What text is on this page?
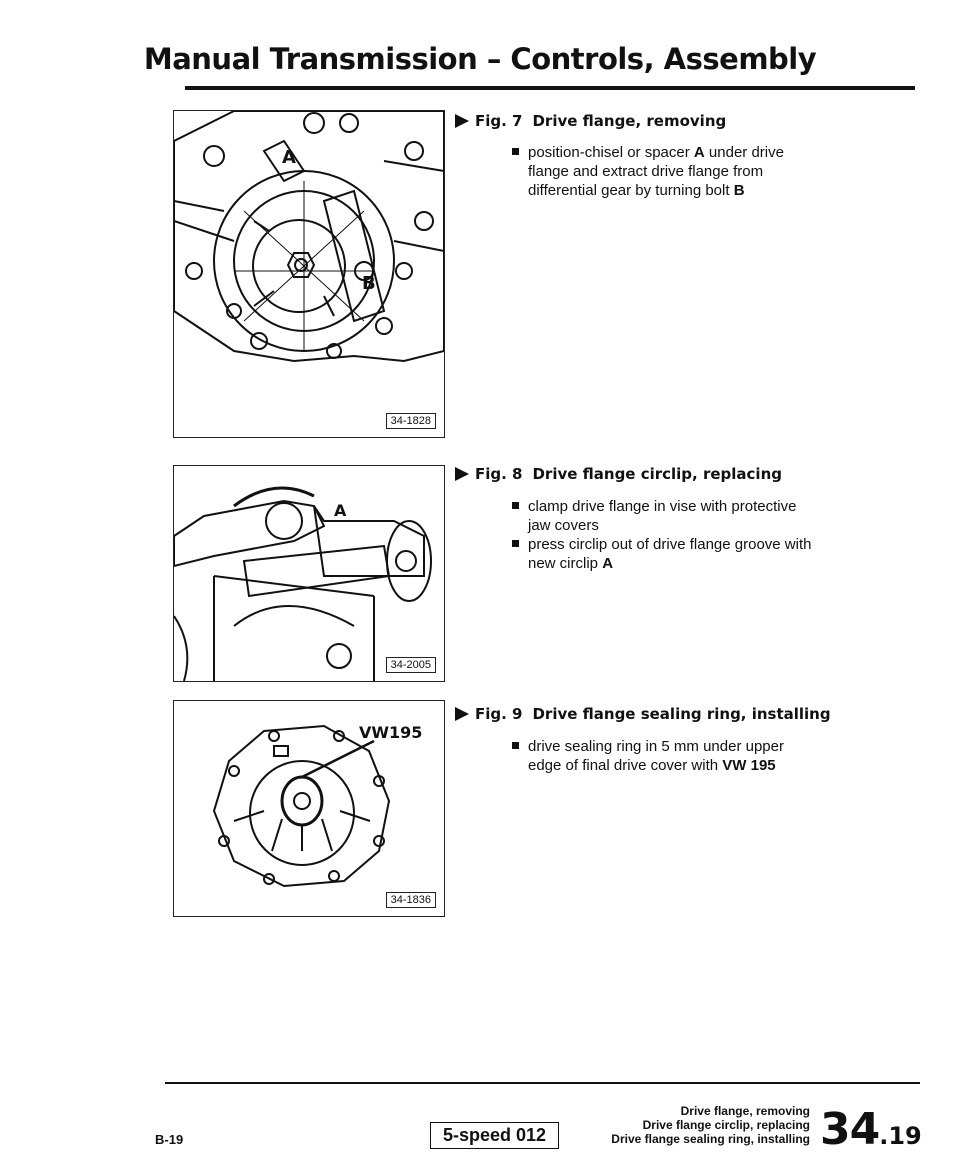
Manual Transmission – Controls, Assembly
A
B
34-1828
A
34-2005
VW195
34-1836
Fig. 7 Drive flange, removing
position-chisel or spacer A under drive
flange and extract drive flange from
differential gear by turning bolt B
Fig. 8 Drive flange circlip, replacing
clamp drive flange in vise with protective
jaw covers
press circlip out of drive flange groove with
new circlip A
Fig. 9 Drive flange sealing ring, installing
drive sealing ring in 5 mm under upper
edge of final drive cover with VW 195
B-19	5-speed 012
Drive flange, removing
Drive flange circlip, replacing
Drive flange sealing ring, installing 34.19
